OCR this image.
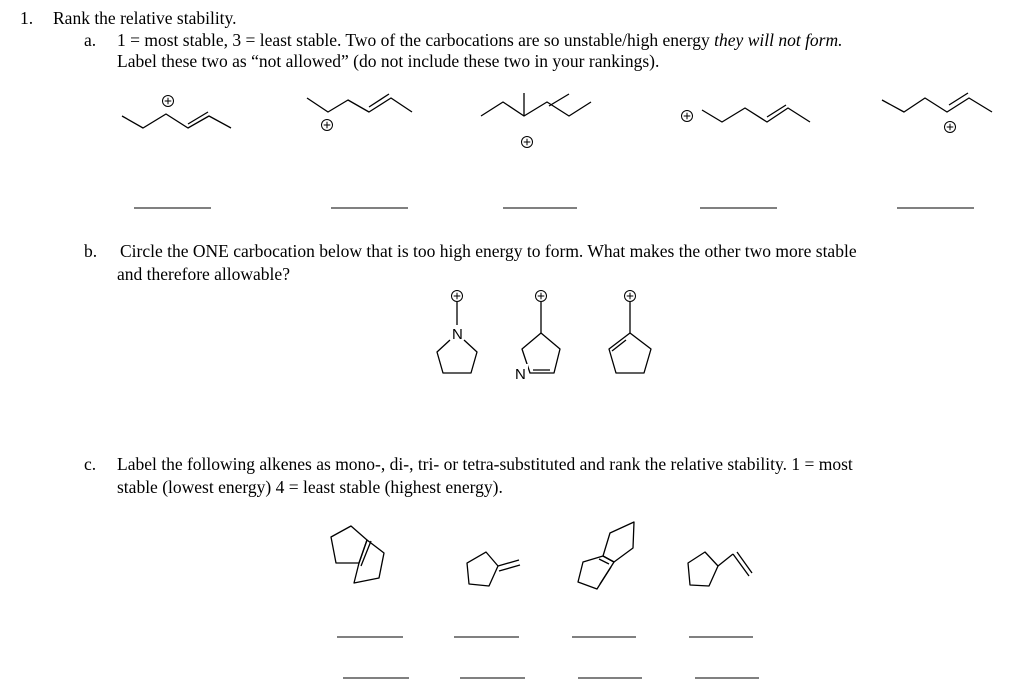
1. Rank the relative stability.
a. 1 = most stable, 3 = least stable. Two of the carbocations are so unstable/high energy they will not form.
Label these two as “not allowed” (do not include these two in your rankings).
b. Circle the ONE carbocation below that is too high energy to form. What makes the other two more stable
and therefore allowable?
c. Label the following alkenes as mono-, di-, tri- or tetra-substituted and rank the relative stability. 1 = most
stable (lowest energy) 4 = least stable (highest energy).
N
N
